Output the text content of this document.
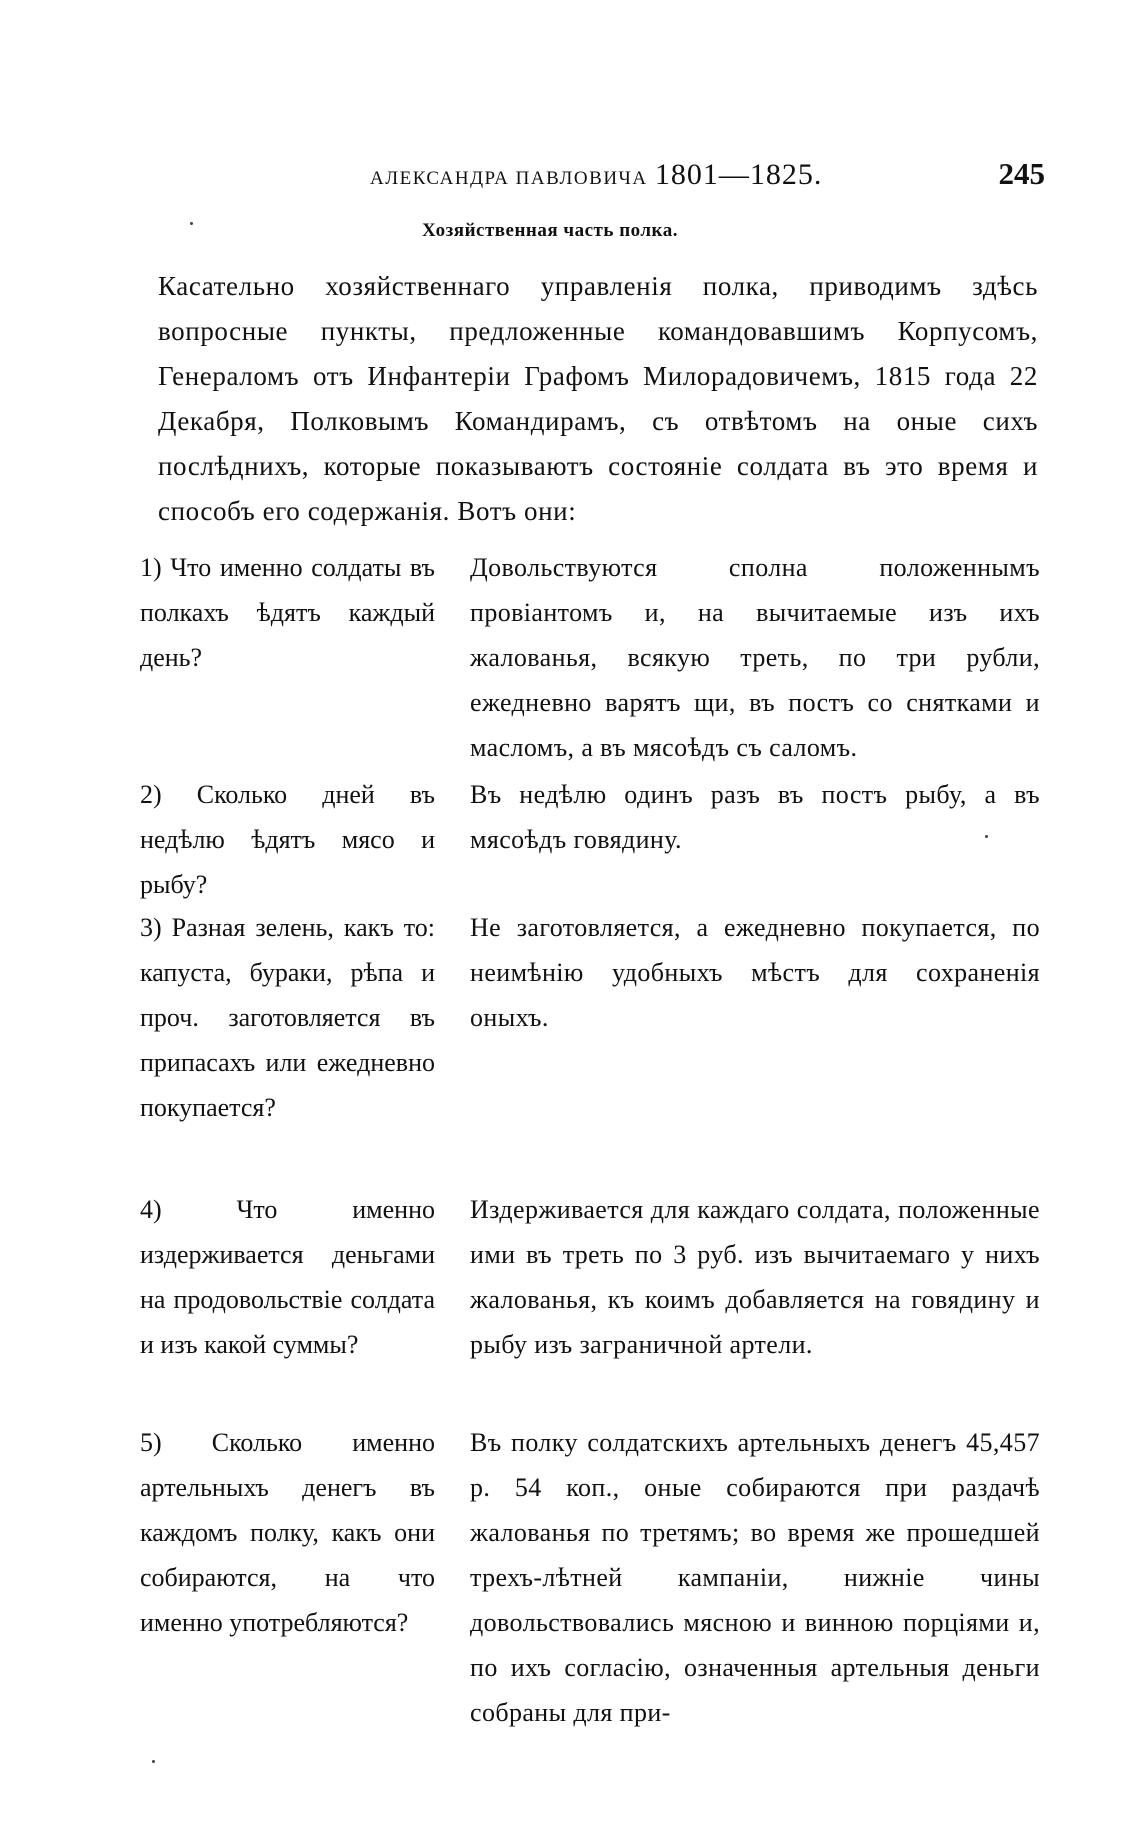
АЛЕКСАНДРА ПАВЛОВИЧА 1801—1825.	245
Хозяйственная часть полка.
Касательно хозяйственнаго управленія полка, приводимъ здѣсь вопросные пункты, предложенные командовавшимъ Корпусомъ, Генераломъ отъ Инфантеріи Графомъ Милорадовичемъ, 1815 года 22 Декабря, Полковымъ Командирамъ, съ отвѣтомъ на оные сихъ послѣднихъ, которые показываютъ состояніе солдата въ это время и способъ его содержанія. Вотъ они:
1) Что именно солдаты въ полкахъ ѣдятъ каждый день?
Довольствуются сполна положеннымъ провіантомъ и, на вычитаемые изъ ихъ жалованья, всякую треть, по три рубли, ежедневно варятъ щи, въ постъ со снятками и масломъ, а въ мясоѣдъ съ саломъ.
2) Сколько дней въ недѣлю ѣдятъ мясо и рыбу?
Въ недѣлю одинъ разъ въ постъ рыбу, а въ мясоѣдъ говядину.
3) Разная зелень, какъ то: капуста, бураки, рѣпа и проч. заготовляется въ припасахъ или ежедневно покупается?
Не заготовляется, а ежедневно покупается, по неимѣнію удобныхъ мѣстъ для сохраненія оныхъ.
4) Что именно издерживается деньгами на продовольствіе солдата и изъ какой суммы?
Издерживается для каждаго солдата, положенные ими въ треть по 3 руб. изъ вычитаемаго у нихъ жалованья, къ коимъ добавляется на говядину и рыбу изъ заграничной артели.
5) Сколько именно артельныхъ денегъ въ каждомъ полку, какъ они собираются, на что именно употребляются?
Въ полку солдатскихъ артельныхъ денегъ 45,457 р. 54 коп., оные собираются при раздачѣ жалованья по третямъ; во время же прошедшей трехъ-лѣтней кампаніи, нижніе чины довольствовались мясною и винною порціями и, по ихъ согласію, означенныя артельныя деньги собраны для при-
